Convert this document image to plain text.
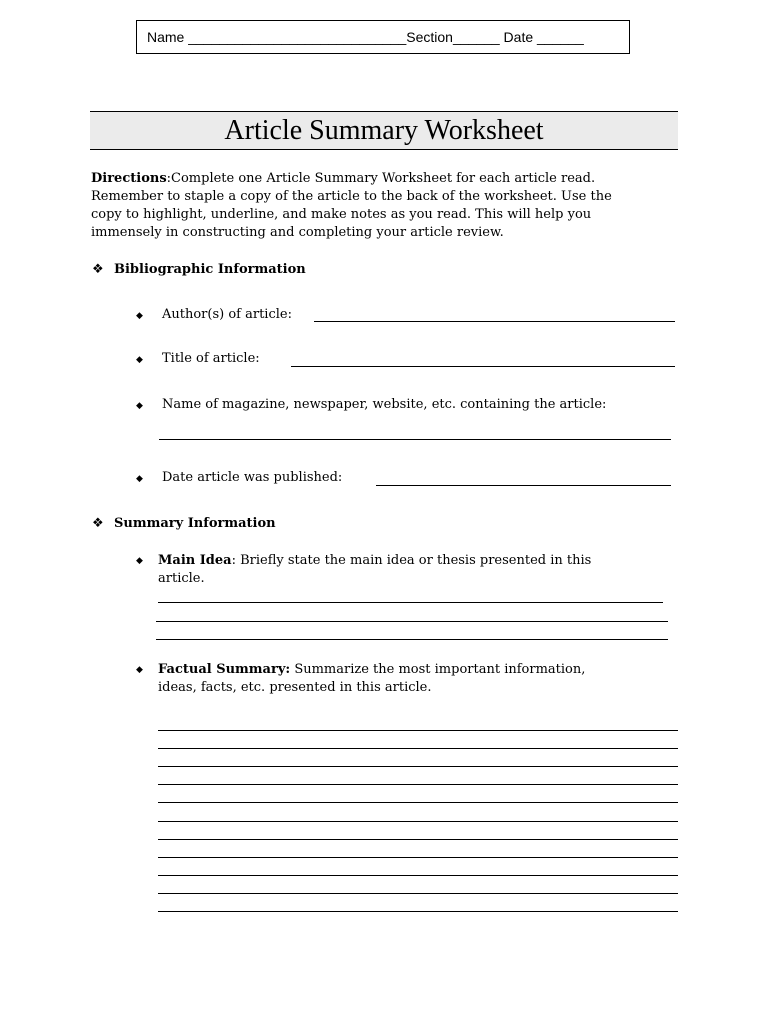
Name ____________________________Section______ Date ______
Article Summary Worksheet
Directions:Complete one Article Summary Worksheet for each article read.
Remember to staple a copy of the article to the back of the worksheet. Use the
copy to highlight, underline, and make notes as you read. This will help you
immensely in constructing and completing your article review.
❖ Bibliographic Information
◆ Author(s) of article:
◆ Title of article:
◆ Name of magazine, newspaper, website, etc. containing the article:
◆ Date article was published:
❖ Summary Information
◆ Main Idea: Briefly state the main idea or thesis presented in this
article.
◆ Factual Summary: Summarize the most important information,
ideas, facts, etc. presented in this article.
